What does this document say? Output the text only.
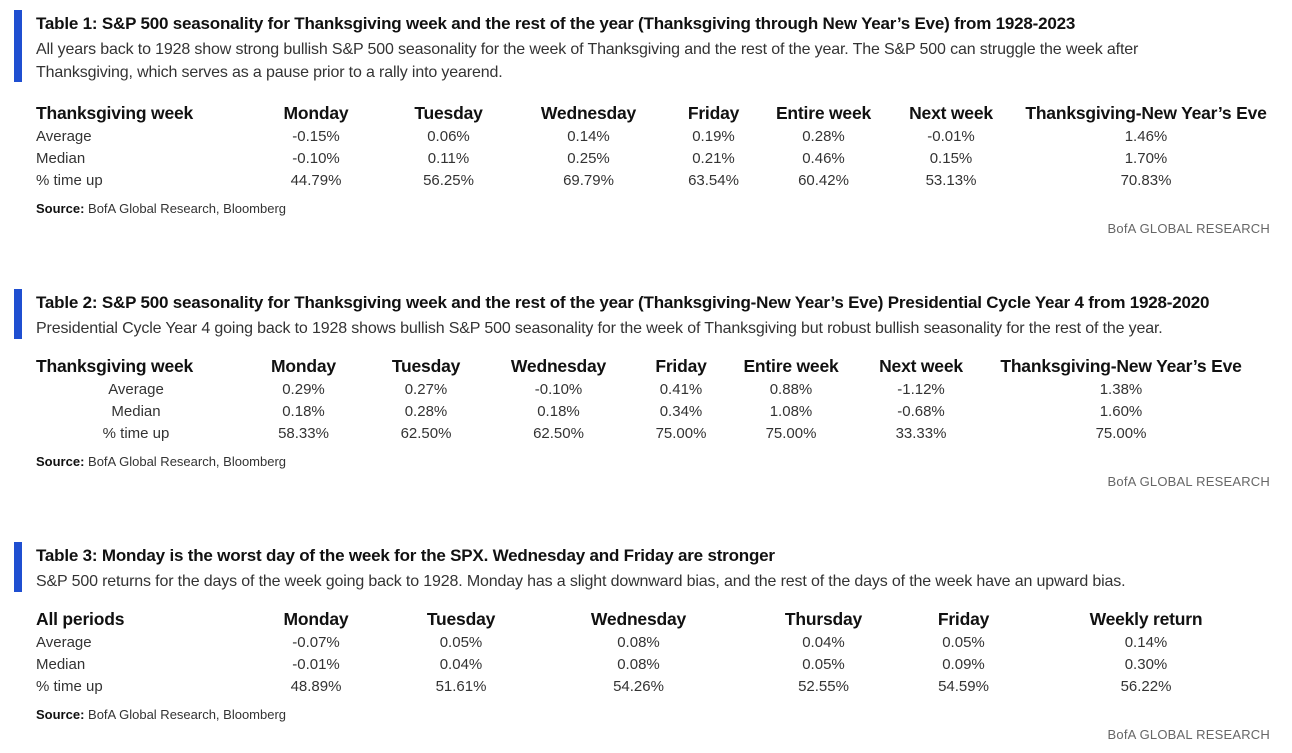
Table 1: S&P 500 seasonality for Thanksgiving week and the rest of the year (Thanksgiving through New Year’s Eve) from 1928-2023
All years back to 1928 show strong bullish S&P 500 seasonality for the week of Thanksgiving and the rest of the year. The S&P 500 can struggle the week after Thanksgiving, which serves as a pause prior to a rally into yearend.
Thanksgiving week	Monday	Tuesday	Wednesday	Friday	Entire week	Next week	Thanksgiving-New Year’s Eve
Average	-0.15%	0.06%	0.14%	0.19%	0.28%	-0.01%	1.46%
Median	-0.10%	0.11%	0.25%	0.21%	0.46%	0.15%	1.70%
% time up	44.79%	56.25%	69.79%	63.54%	60.42%	53.13%	70.83%
Source: BofA Global Research, Bloomberg
BofA GLOBAL RESEARCH
Table 2: S&P 500 seasonality for Thanksgiving week and the rest of the year (Thanksgiving-New Year’s Eve) Presidential Cycle Year 4 from 1928-2020
Presidential Cycle Year 4 going back to 1928 shows bullish S&P 500 seasonality for the week of Thanksgiving but robust bullish seasonality for the rest of the year.
Thanksgiving week	Monday	Tuesday	Wednesday	Friday	Entire week	Next week	Thanksgiving-New Year’s Eve
Average	0.29%	0.27%	-0.10%	0.41%	0.88%	-1.12%	1.38%
Median	0.18%	0.28%	0.18%	0.34%	1.08%	-0.68%	1.60%
% time up	58.33%	62.50%	62.50%	75.00%	75.00%	33.33%	75.00%
Source: BofA Global Research, Bloomberg
BofA GLOBAL RESEARCH
Table 3: Monday is the worst day of the week for the SPX. Wednesday and Friday are stronger
S&P 500 returns for the days of the week going back to 1928. Monday has a slight downward bias, and the rest of the days of the week have an upward bias.
All periods	Monday	Tuesday	Wednesday	Thursday	Friday	Weekly return
Average	-0.07%	0.05%	0.08%	0.04%	0.05%	0.14%
Median	-0.01%	0.04%	0.08%	0.05%	0.09%	0.30%
% time up	48.89%	51.61%	54.26%	52.55%	54.59%	56.22%
Source: BofA Global Research, Bloomberg
BofA GLOBAL RESEARCH
